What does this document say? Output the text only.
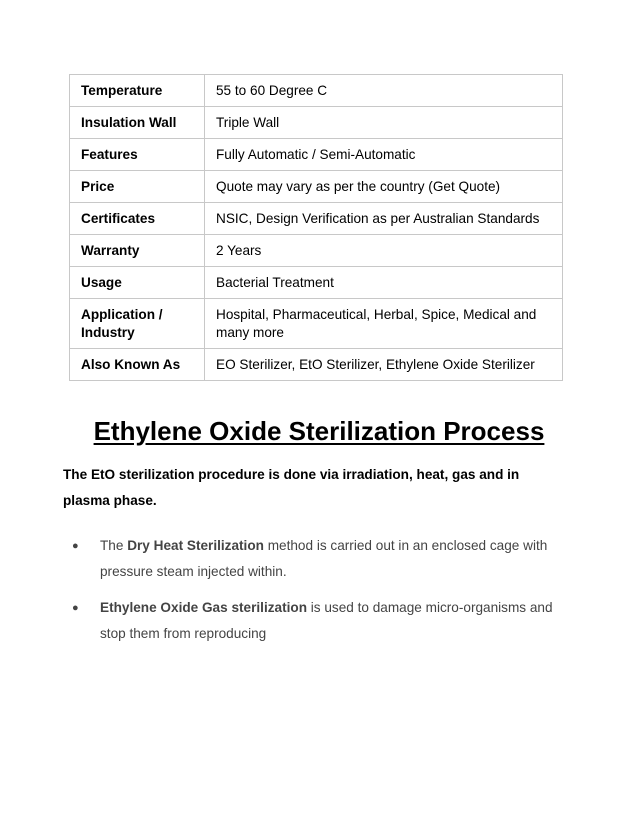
Temperature	55 to 60 Degree C
Insulation Wall	Triple Wall
Features	Fully Automatic / Semi-Automatic
Price	Quote may vary as per the country (Get Quote)
Certificates	NSIC, Design Verification as per Australian Standards
Warranty	2 Years
Usage	Bacterial Treatment
Application / Industry	Hospital, Pharmaceutical, Herbal, Spice, Medical and many more
Also Known As	EO Sterilizer, EtO Sterilizer, Ethylene Oxide Sterilizer
Ethylene Oxide Sterilization Process

The EtO sterilization procedure is done via irradiation, heat, gas and in plasma phase.

● The Dry Heat Sterilization method is carried out in an enclosed cage with pressure steam injected within.
● Ethylene Oxide Gas sterilization is used to damage micro-organisms and stop them from reproducing
